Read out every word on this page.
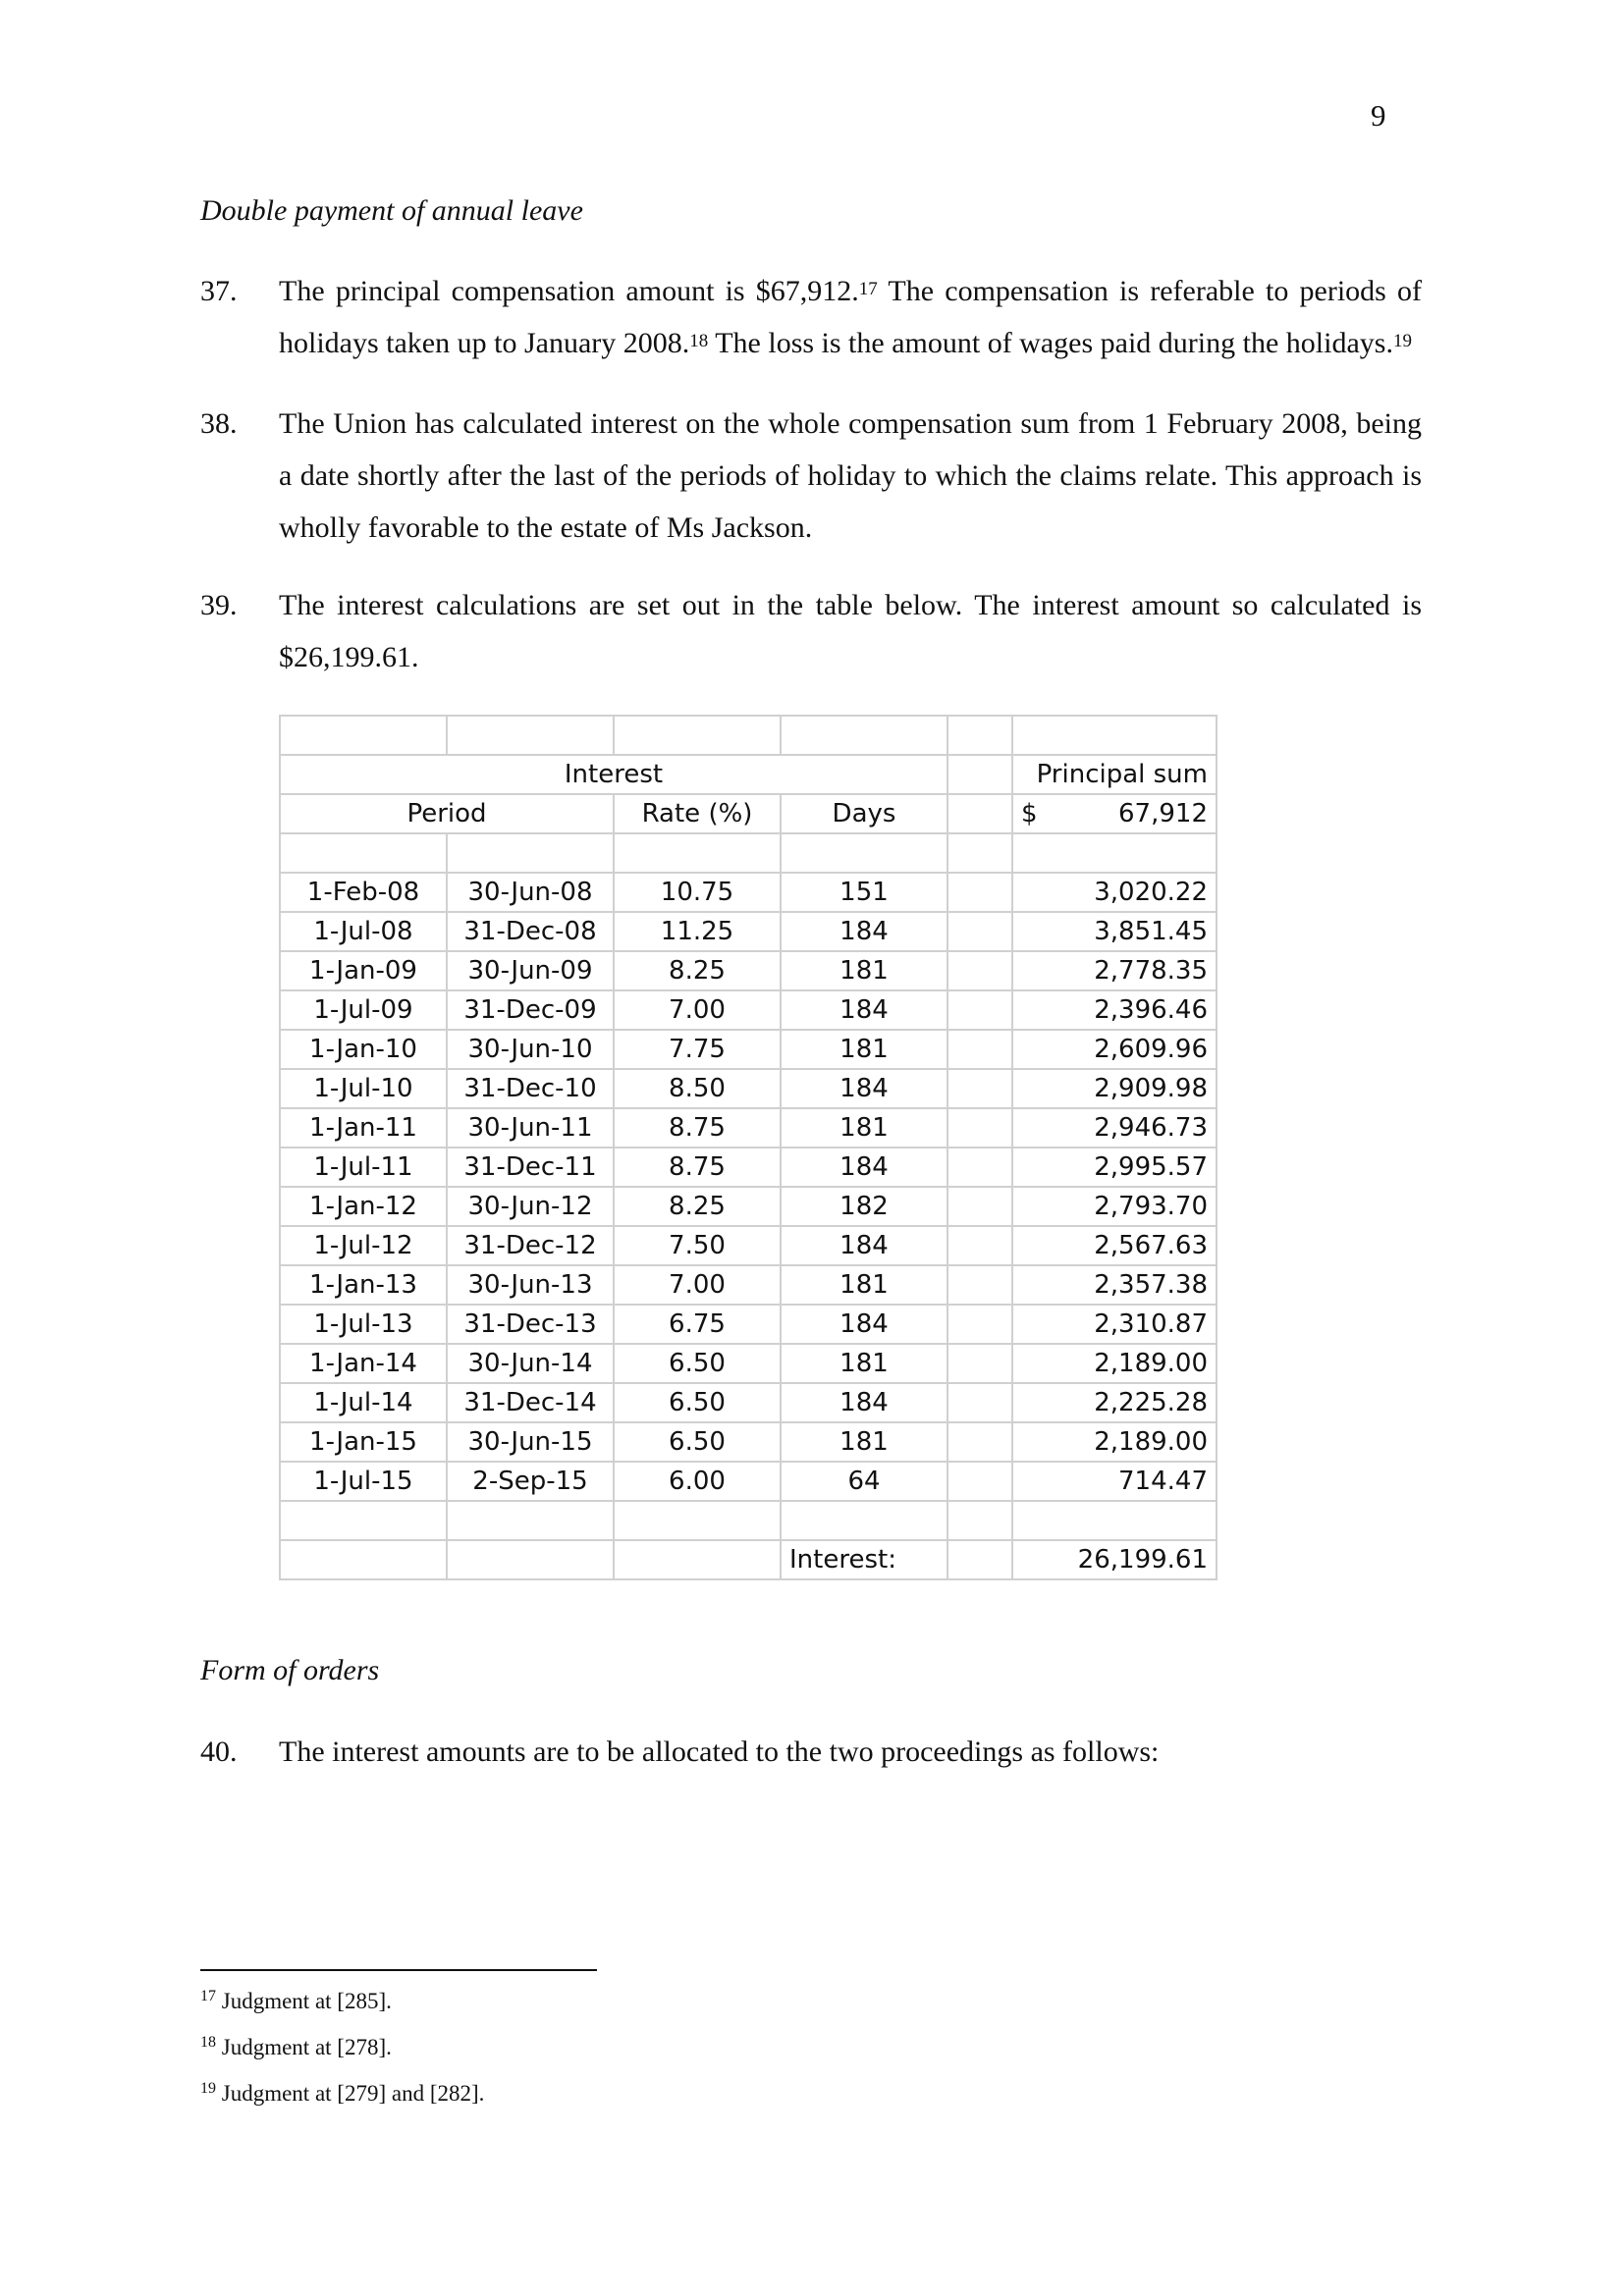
9
Double payment of annual leave
37. The principal compensation amount is $67,912.17 The compensation is referable to periods of holidays taken up to January 2008.18 The loss is the amount of wages paid during the holidays.$^{19}$
38. The Union has calculated interest on the whole compensation sum from 1 February 2008, being a date shortly after the last of the periods of holiday to which the claims relate. This approach is wholly favorable to the estate of Ms Jackson.
39. The interest calculations are set out in the table below. The interest amount so calculated is $26,199.61.

Interest					Principal sum
Period		Rate (%)	Days		$ 67,912

1-Feb-08	30-Jun-08	10.75	151		3,020.22
1-Jul-08	31-Dec-08	11.25	184		3,851.45
1-Jan-09	30-Jun-09	8.25	181		2,778.35
1-Jul-09	31-Dec-09	7.00	184		2,396.46
1-Jan-10	30-Jun-10	7.75	181		2,609.96
1-Jul-10	31-Dec-10	8.50	184		2,909.98
1-Jan-11	30-Jun-11	8.75	181		2,946.73
1-Jul-11	31-Dec-11	8.75	184		2,995.57
1-Jan-12	30-Jun-12	8.25	182		2,793.70
1-Jul-12	31-Dec-12	7.50	184		2,567.63
1-Jan-13	30-Jun-13	7.00	181		2,357.38
1-Jul-13	31-Dec-13	6.75	184		2,310.87
1-Jan-14	30-Jun-14	6.50	181		2,189.00
1-Jul-14	31-Dec-14	6.50	184		2,225.28
1-Jan-15	30-Jun-15	6.50	181		2,189.00
1-Jul-15	2-Sep-15	6.00	64		714.47

			Interest:		26,199.61
Form of orders
40. The interest amounts are to be allocated to the two proceedings as follows:
$^{17}$ Judgment at [285].
$^{18}$ Judgment at [278].
$^{19}$ Judgment at [279] and [282].
